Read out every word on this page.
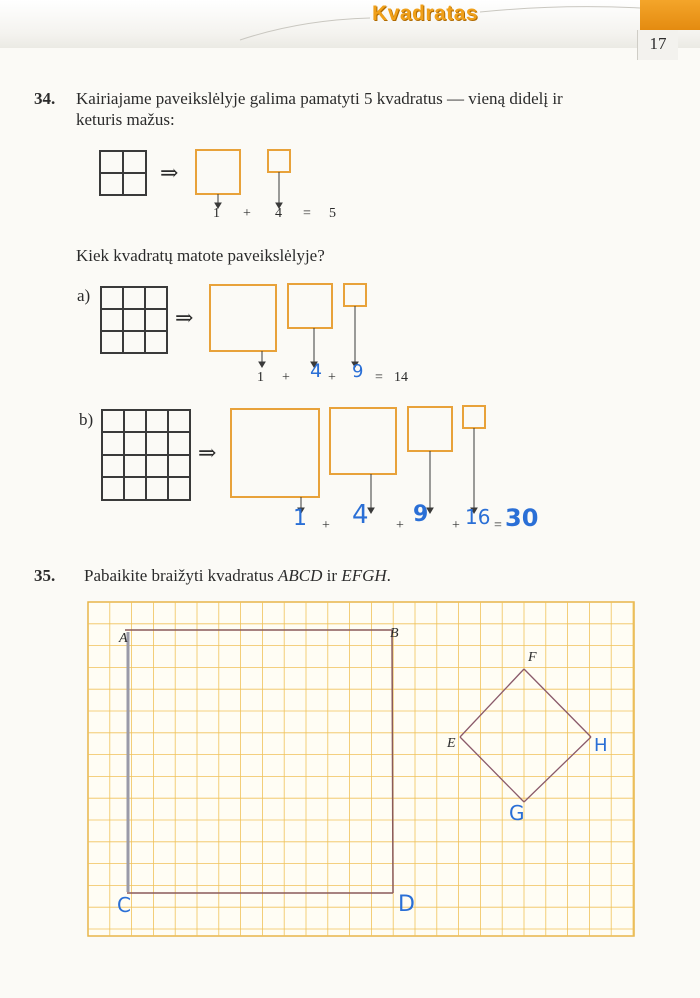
Kvadratas
17
34. Kairiajame paveikslėlyje galima pamatyti 5 kvadratus — vieną didelį ir
keturis mažus:
1 + 4 = 5
⇒
Kiek kvadratų matote paveikslėlyje?
a)
⇒
1 + 4 + 9 = 14
b)
⇒
1 + 4 + 9 + 16 = 30
35. Pabaikite braižyti kvadratus ABCD ir EFGH.
A	B
C	D
E
F
G
H
